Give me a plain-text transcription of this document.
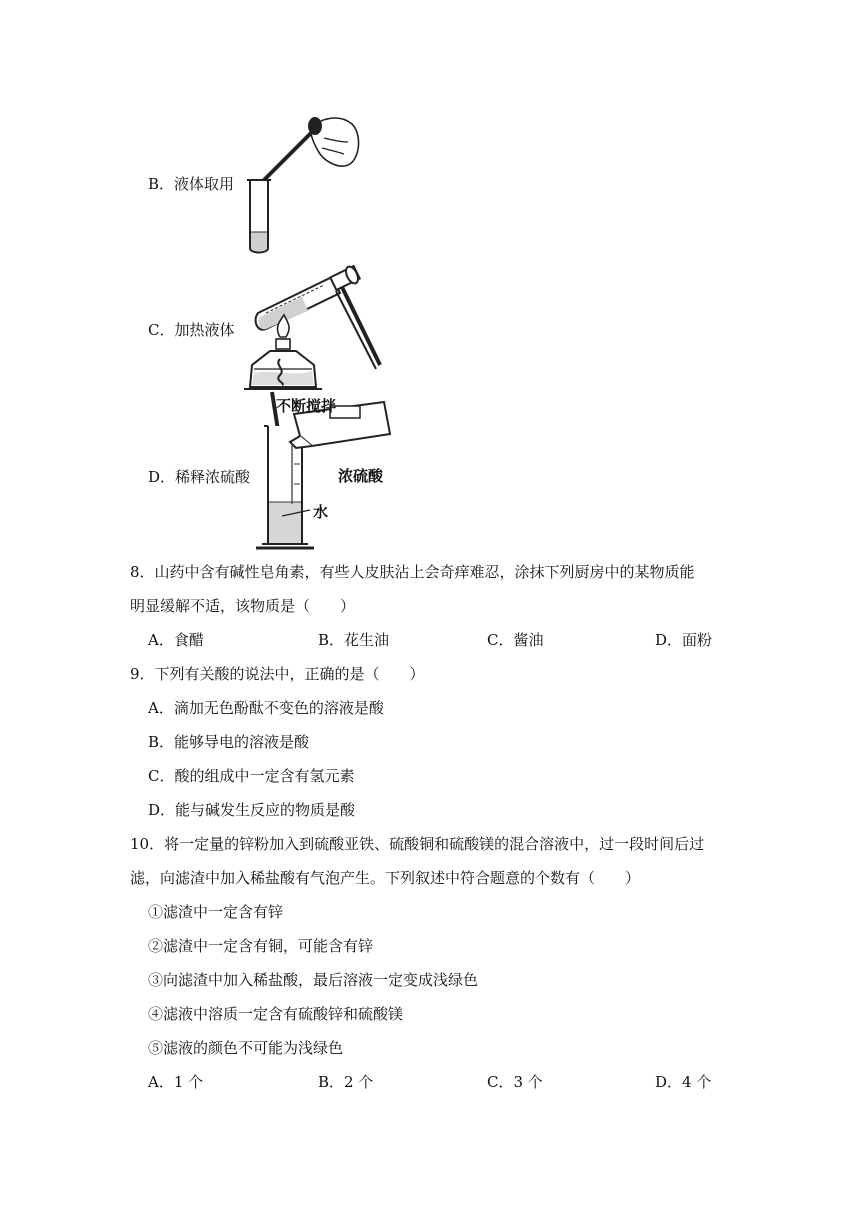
B．液体取用
C．加热液体
D．稀释浓硫酸
不断搅拌
浓硫酸
水
8．山药中含有碱性皂角素，有些人皮肤沾上会奇痒难忍，涂抹下列厨房中的某物质能
明显缓解不适，该物质是（　　）
A．食醋	B．花生油	C．酱油	D．面粉
9．下列有关酸的说法中，正确的是（　　）
A．滴加无色酚酞不变色的溶液是酸
B．能够导电的溶液是酸
C．酸的组成中一定含有氢元素
D．能与碱发生反应的物质是酸
10．将一定量的锌粉加入到硫酸亚铁、硫酸铜和硫酸镁的混合溶液中，过一段时间后过
滤，向滤渣中加入稀盐酸有气泡产生。下列叙述中符合题意的个数有（　　）
①滤渣中一定含有锌
②滤渣中一定含有铜，可能含有锌
③向滤渣中加入稀盐酸，最后溶液一定变成浅绿色
④滤液中溶质一定含有硫酸锌和硫酸镁
⑤滤液的颜色不可能为浅绿色
A．1 个	B．2 个	C．3 个	D．4 个
